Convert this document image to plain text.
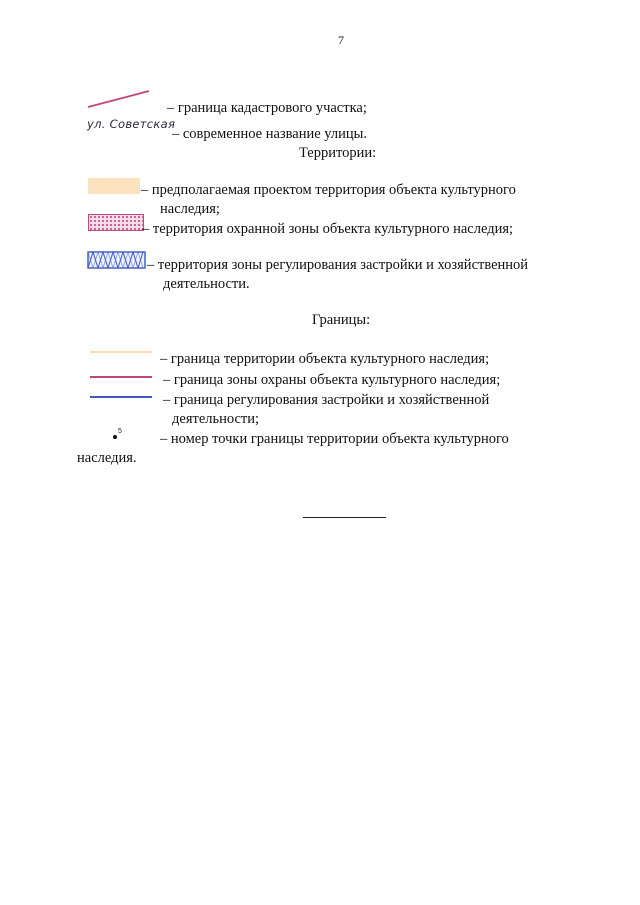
7
– граница кадастрового участка;
ул. Советская
– современное название улицы.
Территории:
– предполагаемая проектом территория объекта культурного
наследия;
– территория охранной зоны объекта культурного наследия;
– территория зоны регулирования застройки и хозяйственной
деятельности.
Границы:
– граница территории объекта культурного наследия;
– граница зоны охраны объекта культурного наследия;
– граница регулирования застройки и хозяйственной
деятельности;
5	– номер точки границы территории объекта культурного
наследия.
